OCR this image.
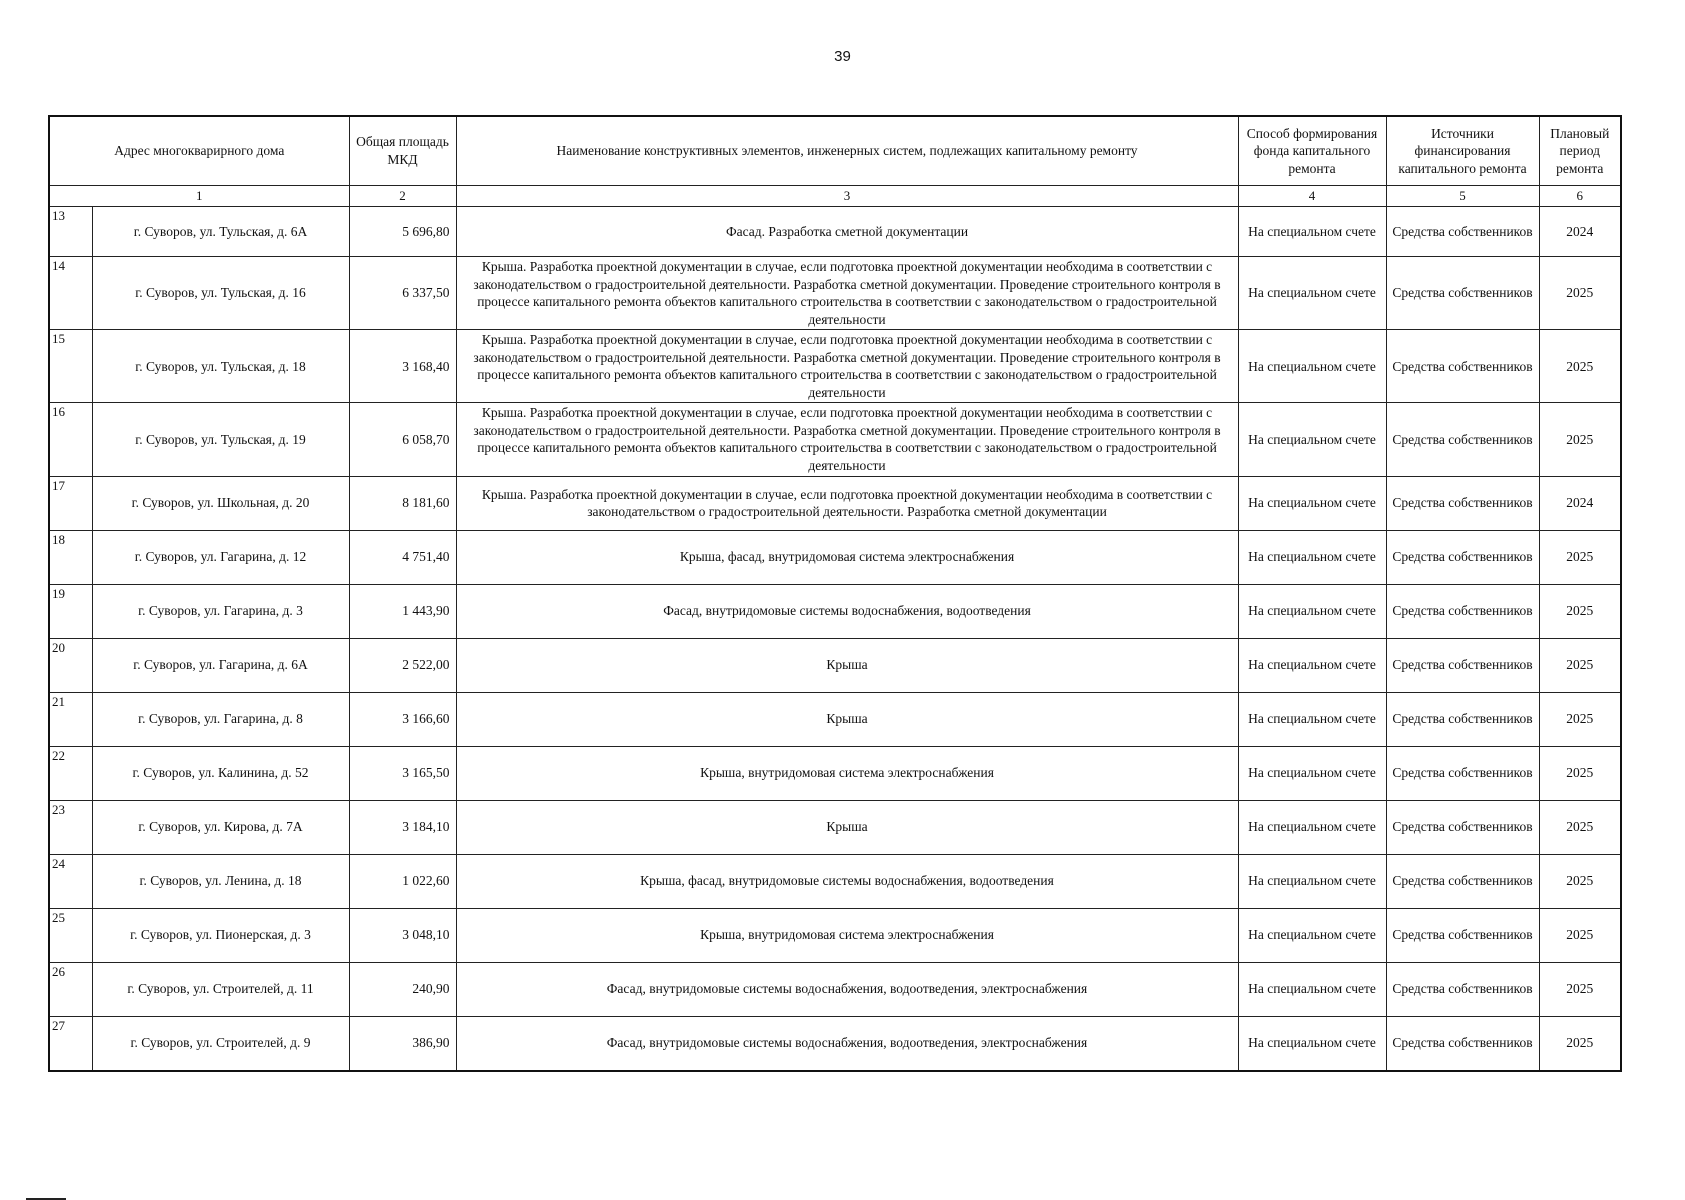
39
Адрес многокварирного дома		Общая площадь МКД	Наименование конструктивных элементов, инженерных систем, подлежащих капитальному ремонту	Способ формирования фонда капитального ремонта	Источники финансирования капитального ремонта	Плановый период ремонта
1		2	3	4	5	6
13	г. Суворов, ул. Тульская, д. 6А	5 696,80	Фасад. Разработка сметной документации	На специальном счете	Средства собственников	2024
14	г. Суворов, ул. Тульская, д. 16	6 337,50	Крыша. Разработка проектной документации в случае, если подготовка проектной документации необходима в соответствии с законодательством о градостроительной деятельности. Разработка сметной документации. Проведение строительного контроля в процессе капитального ремонта объектов капитального строительства в соответствии с законодательством о градостроительной деятельности	На специальном счете	Средства собственников	2025
15	г. Суворов, ул. Тульская, д. 18	3 168,40	Крыша. Разработка проектной документации в случае, если подготовка проектной документации необходима в соответствии с законодательством о градостроительной деятельности. Разработка сметной документации. Проведение строительного контроля в процессе капитального ремонта объектов капитального строительства в соответствии с законодательством о градостроительной деятельности	На специальном счете	Средства собственников	2025
16	г. Суворов, ул. Тульская, д. 19	6 058,70	Крыша. Разработка проектной документации в случае, если подготовка проектной документации необходима в соответствии с законодательством о градостроительной деятельности. Разработка сметной документации. Проведение строительного контроля в процессе капитального ремонта объектов капитального строительства в соответствии с законодательством о градостроительной деятельности	На специальном счете	Средства собственников	2025
17	г. Суворов, ул. Школьная, д. 20	8 181,60	Крыша. Разработка проектной документации в случае, если подготовка проектной документации необходима в соответствии с законодательством о градостроительной деятельности. Разработка сметной документации	На специальном счете	Средства собственников	2024
18	г. Суворов, ул. Гагарина, д. 12	4 751,40	Крыша, фасад, внутридомовая система электроснабжения	На специальном счете	Средства собственников	2025
19	г. Суворов, ул. Гагарина, д. 3	1 443,90	Фасад, внутридомовые системы водоснабжения, водоотведения	На специальном счете	Средства собственников	2025
20	г. Суворов, ул. Гагарина, д. 6А	2 522,00	Крыша	На специальном счете	Средства собственников	2025
21	г. Суворов, ул. Гагарина, д. 8	3 166,60	Крыша	На специальном счете	Средства собственников	2025
22	г. Суворов, ул. Калинина, д. 52	3 165,50	Крыша, внутридомовая система электроснабжения	На специальном счете	Средства собственников	2025
23	г. Суворов, ул. Кирова, д. 7А	3 184,10	Крыша	На специальном счете	Средства собственников	2025
24	г. Суворов, ул. Ленина, д. 18	1 022,60	Крыша, фасад, внутридомовые системы водоснабжения, водоотведения	На специальном счете	Средства собственников	2025
25	г. Суворов, ул. Пионерская, д. 3	3 048,10	Крыша, внутридомовая система электроснабжения	На специальном счете	Средства собственников	2025
26	г. Суворов, ул. Строителей, д. 11	240,90	Фасад, внутридомовые системы водоснабжения, водоотведения, электроснабжения	На специальном счете	Средства собственников	2025
27	г. Суворов, ул. Строителей, д. 9	386,90	Фасад, внутридомовые системы водоснабжения, водоотведения, электроснабжения	На специальном счете	Средства собственников	2025
